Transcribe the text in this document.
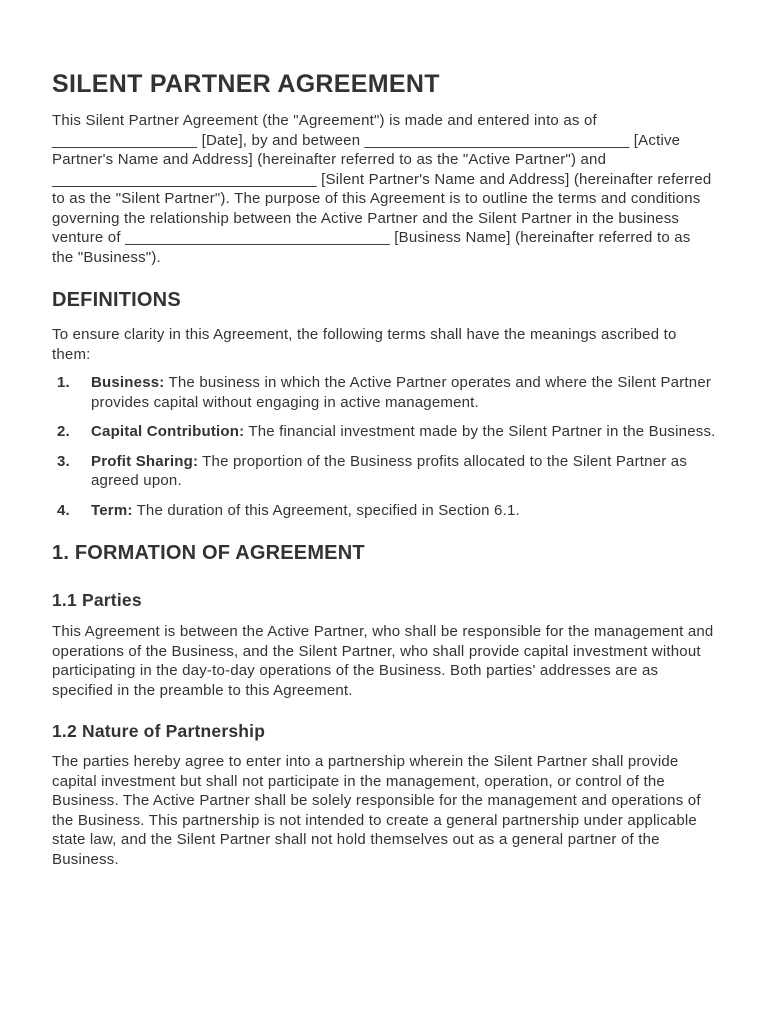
SILENT PARTNER AGREEMENT
This Silent Partner Agreement (the "Agreement") is made and entered into as of
_________________ [Date], by and between _______________________________ [Active
Partner's Name and Address] (hereinafter referred to as the "Active Partner") and
_______________________________ [Silent Partner's Name and Address] (hereinafter referred
to as the "Silent Partner"). The purpose of this Agreement is to outline the terms and conditions
governing the relationship between the Active Partner and the Silent Partner in the business
venture of _______________________________ [Business Name] (hereinafter referred to as
the "Business").
DEFINITIONS
To ensure clarity in this Agreement, the following terms shall have the meanings ascribed to
them:
1. Business: The business in which the Active Partner operates and where the Silent Partner
provides capital without engaging in active management.
2. Capital Contribution: The financial investment made by the Silent Partner in the Business.
3. Profit Sharing: The proportion of the Business profits allocated to the Silent Partner as
agreed upon.
4. Term: The duration of this Agreement, specified in Section 6.1.
1. FORMATION OF AGREEMENT
1.1 Parties
This Agreement is between the Active Partner, who shall be responsible for the management and
operations of the Business, and the Silent Partner, who shall provide capital investment without
participating in the day-to-day operations of the Business. Both parties' addresses are as
specified in the preamble to this Agreement.
1.2 Nature of Partnership
The parties hereby agree to enter into a partnership wherein the Silent Partner shall provide
capital investment but shall not participate in the management, operation, or control of the
Business. The Active Partner shall be solely responsible for the management and operations of
the Business. This partnership is not intended to create a general partnership under applicable
state law, and the Silent Partner shall not hold themselves out as a general partner of the
Business.
